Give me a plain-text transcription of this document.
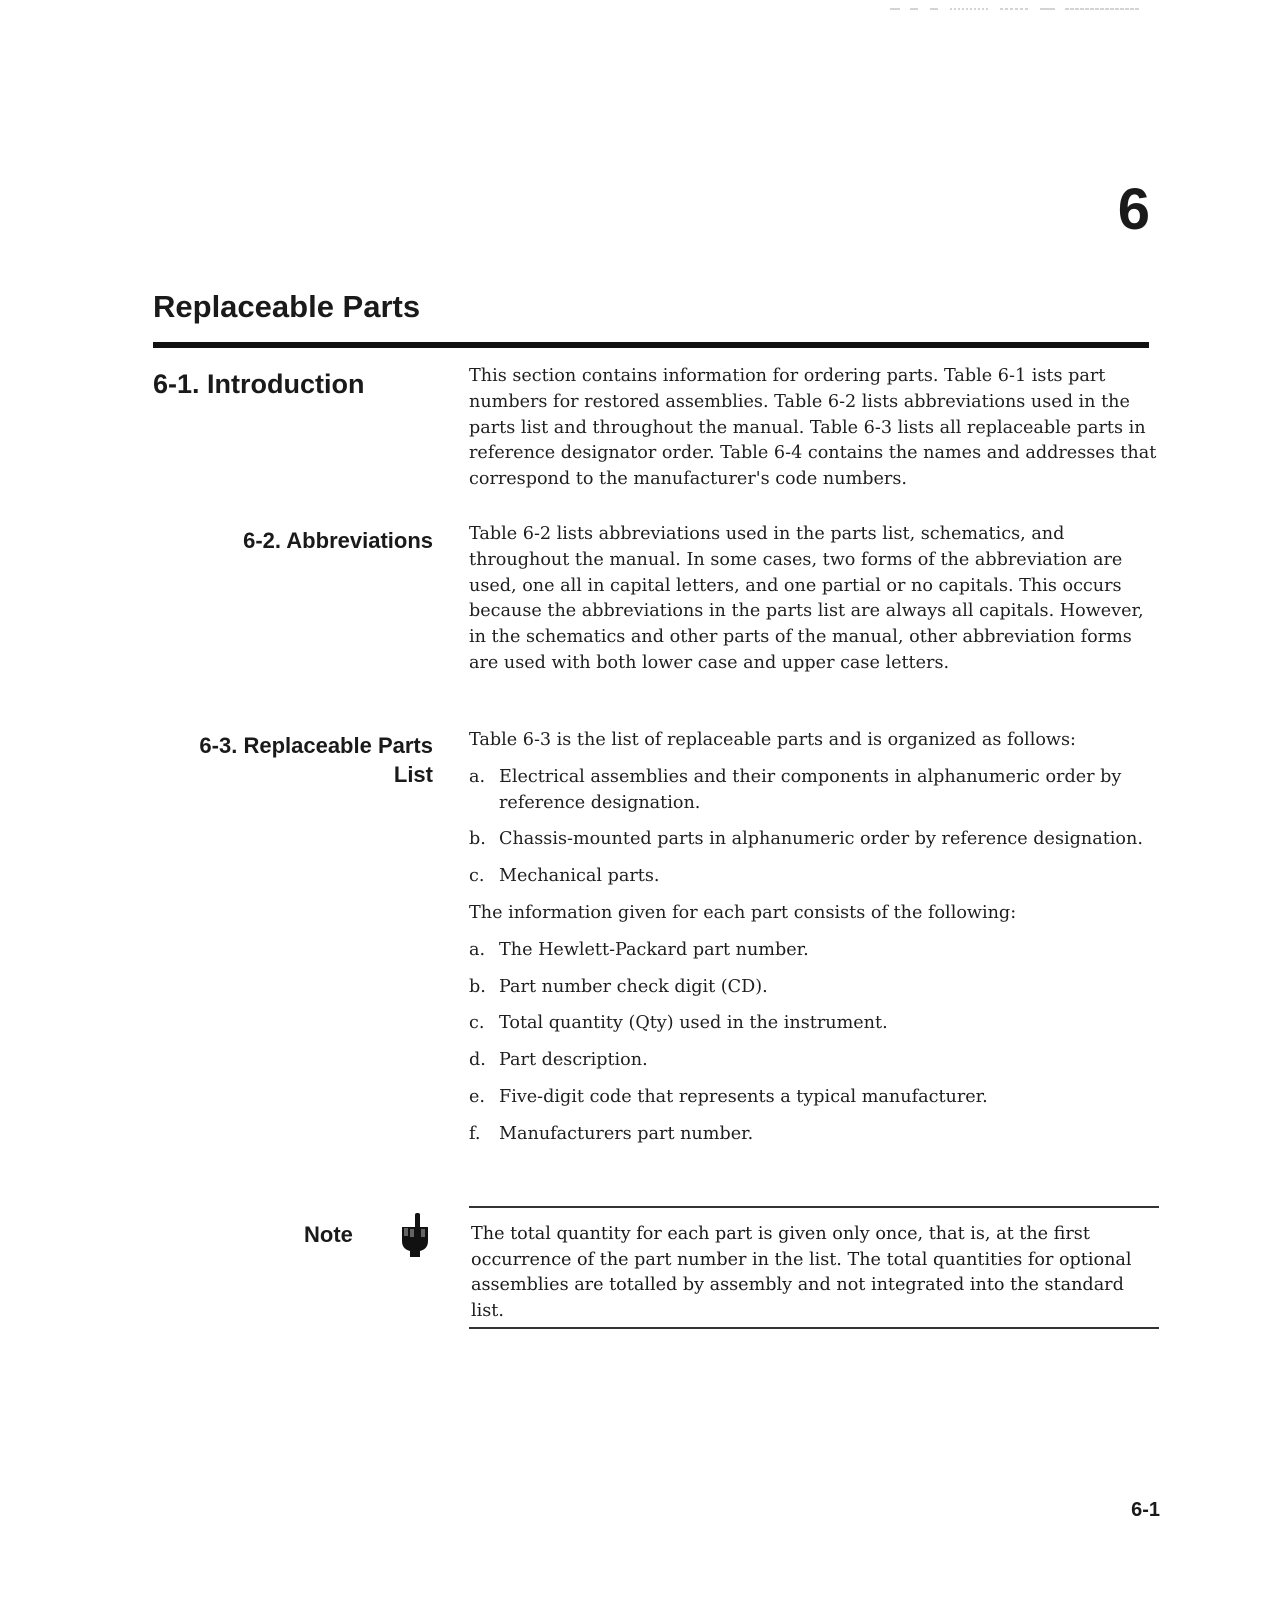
6
Replaceable Parts
6-1. Introduction	This section contains information for ordering parts. Table 6-1 ists part numbers for restored assemblies. Table 6-2 lists abbreviations used in the parts list and throughout the manual. Table 6-3 lists all replaceable parts in reference designator order. Table 6-4 contains the names and addresses that correspond to the manufacturer's code numbers.
6-2. Abbreviations Table 6-2 lists abbreviations used in the parts list, schematics, and throughout the manual. In some cases, two forms of the abbreviation are used, one all in capital letters, and one partial or no capitals. This occurs because the abbreviations in the parts list are always all capitals. However, in the schematics and other parts of the manual, other abbreviation forms are used with both lower case and upper case letters.
6-3. Replaceable Parts
List

Table 6-3 is the list of replaceable parts and is organized as follows:

a. Electrical assemblies and their components in alphanumeric order by reference designation.
b. Chassis-mounted parts in alphanumeric order by reference designation.
c. Mechanical parts.

The information given for each part consists of the following:

a. The Hewlett-Packard part number.
b. Part number check digit (CD).
c. Total quantity (Qty) used in the instrument.
d. Part description.
e. Five-digit code that represents a typical manufacturer.
f.	Manufacturers part number.
Note	The total quantity for each part is given only once, that is, at the first occurrence of the part number in the list. The total quantities for optional assemblies are totalled by assembly and not integrated into the standard list.
6-1
